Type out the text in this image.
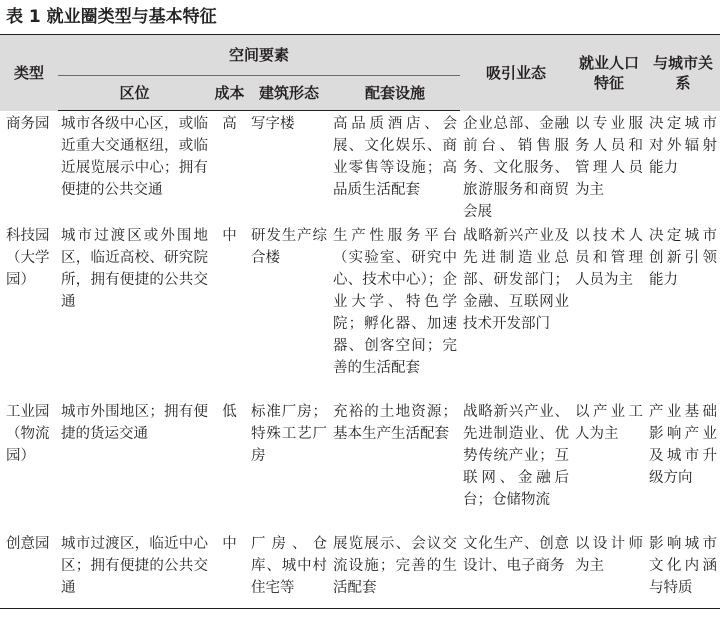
表 1 就业圈类型与基本特征
类型	空间要素				吸引业态	就业人口特征	与城市关系
	区位	成本	建筑形态	配套设施			
商务园	城市各级中心区，或临近重大交通枢纽，或临近展览展示中心；拥有便捷的公共交通	高	写字楼	高品质酒店、会展、文化娱乐、商业零售等设施；高品质生活配套	企业总部、金融前台、销售服务、文化服务、旅游服务和商贸会展	以专业服务人员和管理人员为主	决定城市对外辐射能力
科技园（大学园）	城市过渡区或外围地区，临近高校、研究院所，拥有便捷的公共交通	中	研发生产综合楼	生产性服务平台（实验室、研究中心、技术中心）；企业大学、特色学院；孵化器、加速器、创客空间；完善的生活配套	战略新兴产业及先进制造业总部、研发部门；金融、互联网业技术开发部门	以技术人员和管理人员为主	决定城市创新引领能力
工业园（物流园）	城市外围地区；拥有便捷的货运交通	低	标准厂房；特殊工艺厂房	充裕的土地资源；基本生产生活配套	战略新兴产业、先进制造业、优势传统产业；互联网、金融后台；仓储物流	以产业工人为主	产业基础影响产业及城市升级方向
创意园	城市过渡区，临近中心区；拥有便捷的公共交通	中	厂房、仓库、城中村住宅等	展览展示、会议交流设施；完善的生活配套	文化生产、创意设计、电子商务	以设计师为主	影响城市文化内涵与特质
